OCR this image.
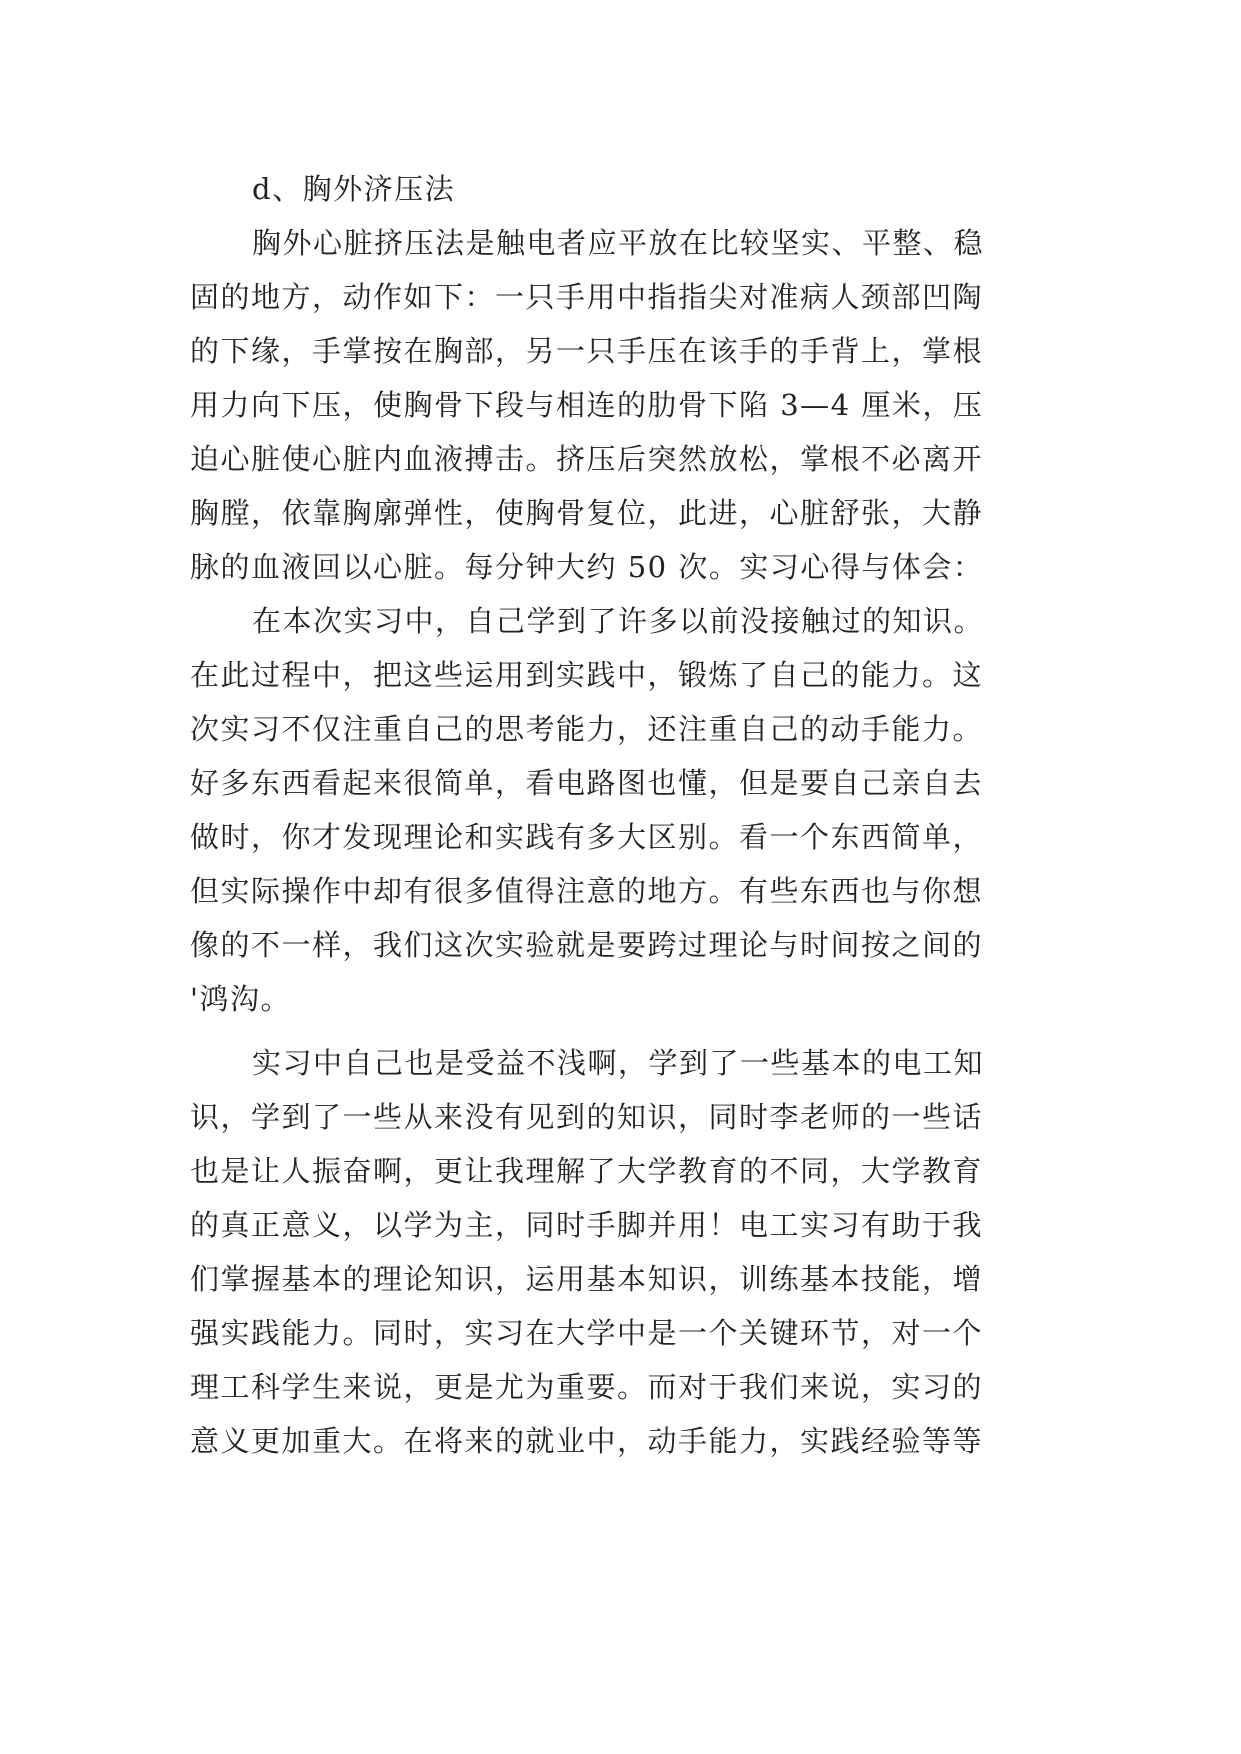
d、胸外济压法
胸外心脏挤压法是触电者应平放在比较坚实、平整、稳
固的地方，动作如下：一只手用中指指尖对准病人颈部凹陶
的下缘，手掌按在胸部，另一只手压在该手的手背上，掌根
用力向下压，使胸骨下段与相连的肋骨下陷 3—4 厘米，压
迫心脏使心脏内血液搏击。挤压后突然放松，掌根不必离开
胸膛，依靠胸廓弹性，使胸骨复位，此进，心脏舒张，大静
脉的血液回以心脏。每分钟大约 50 次。实习心得与体会：
在本次实习中，自己学到了许多以前没接触过的知识。
在此过程中，把这些运用到实践中，锻炼了自己的能力。这
次实习不仅注重自己的思考能力，还注重自己的动手能力。
好多东西看起来很简单，看电路图也懂，但是要自己亲自去
做时，你才发现理论和实践有多大区别。看一个东西简单，
但实际操作中却有很多值得注意的地方。有些东西也与你想
像的不一样，我们这次实验就是要跨过理论与时间按之间的
'鸿沟。
实习中自己也是受益不浅啊，学到了一些基本的电工知
识，学到了一些从来没有见到的知识，同时李老师的一些话
也是让人振奋啊，更让我理解了大学教育的不同，大学教育
的真正意义，以学为主，同时手脚并用！电工实习有助于我
们掌握基本的理论知识，运用基本知识，训练基本技能，增
强实践能力。同时，实习在大学中是一个关键环节，对一个
理工科学生来说，更是尤为重要。而对于我们来说，实习的
意义更加重大。在将来的就业中，动手能力，实践经验等等
